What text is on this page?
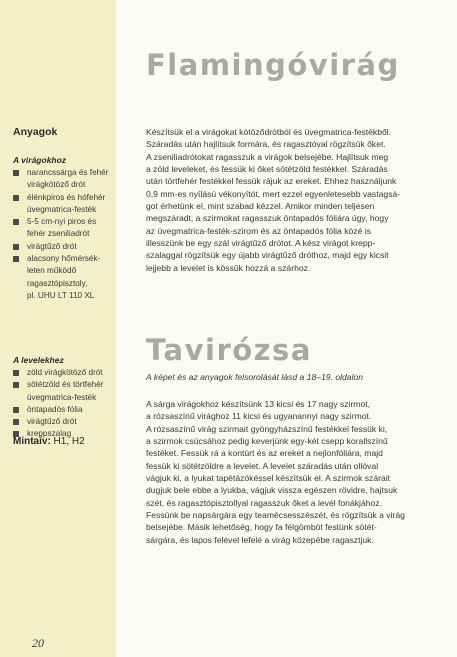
Flamingóvirág
Anyagok
A virágokhoz
narancssárga és fehér
virágkötöző drót
élénkpiros és hófehér
üvegmatrica-festék
5-5 cm-nyi piros és
fehér zseniliadrót
virágtűző drót
alacsony hőmérsék-
leten működő
ragasztópisztoly,
pl. UHU LT 110 XL
A levelekhez
zöld virágkötöző drót
sötétzöld és törtfehér
üvegmatrica-festék
öntapadós fólia
virágtűző drót
kreppszalag
Mintaív: H1, H2
Készítsük el a virágokat kötöződrótból és üvegmatrica-festékből.
Száradás után hajlítsuk formára, és ragasztóval rögzítsük őket.
A zseniliadrótokat ragasszuk a virágok belsejébe. Hajlítsuk meg
a zöld leveleket, és fessük ki őket sötétzöld festékkel. Száradás
után törtfehér festékkel fessük rájuk az ereket. Ehhez használjunk
0,9 mm-es nyílású vékonyítót, mert ezzel egyenletesebb vastagsá-
got érhetünk el, mint szabad kézzel. Amikor minden teljesen
megszáradt, a szirmokat ragasszuk öntapadós fóliára úgy, hogy
az üvegmatrica-festék-szirom és az öntapadós fólia közé is
illesszünk be egy szál virágtűző drótot. A kész virágot krepp-
szalaggal rögzítsük egy újabb virágtűző dróthoz, majd egy kicsit
lejjebb a levelet is kössük hozzá a szárhoz.
Tavirózsa

A képet és az anyagok felsorolását lásd a 18–19. oldalon

A sárga virágokhoz készítsünk 13 kicsi és 17 nagy szirmot,
a rózsaszínű virághoz 11 kicsi és ugyanannyi nagy szirmot.
A rózsaszínű virág szirmait gyöngyházszínű festékkel fessük ki,
a szirmok csúcsához pedig keverjünk egy-két csepp korallszínű
festéket. Fessük rá a kontúrt és az ereket a nejlonfóliára, majd
fessük ki sötétzöldre a levelet. A levelet száradás után ollóval
vágjuk ki, a lyukat tapétázókéssel készítsük el. A szirmok szárait
dugjuk bele ebbe a lyukba, vágjuk vissza egészen rövidre, hajtsuk
szét, és ragasztópisztollyal ragasszuk őket a levél fonákjához.
Fessünk be napsárgára egy teamécsesszészét, és rögzítsük a virág
belsejébe. Másik lehetőség, hogy fa félgömböt festünk sötét-
sárgára, és lapos felével lefelé a virág közepébe ragasztjuk.
20
